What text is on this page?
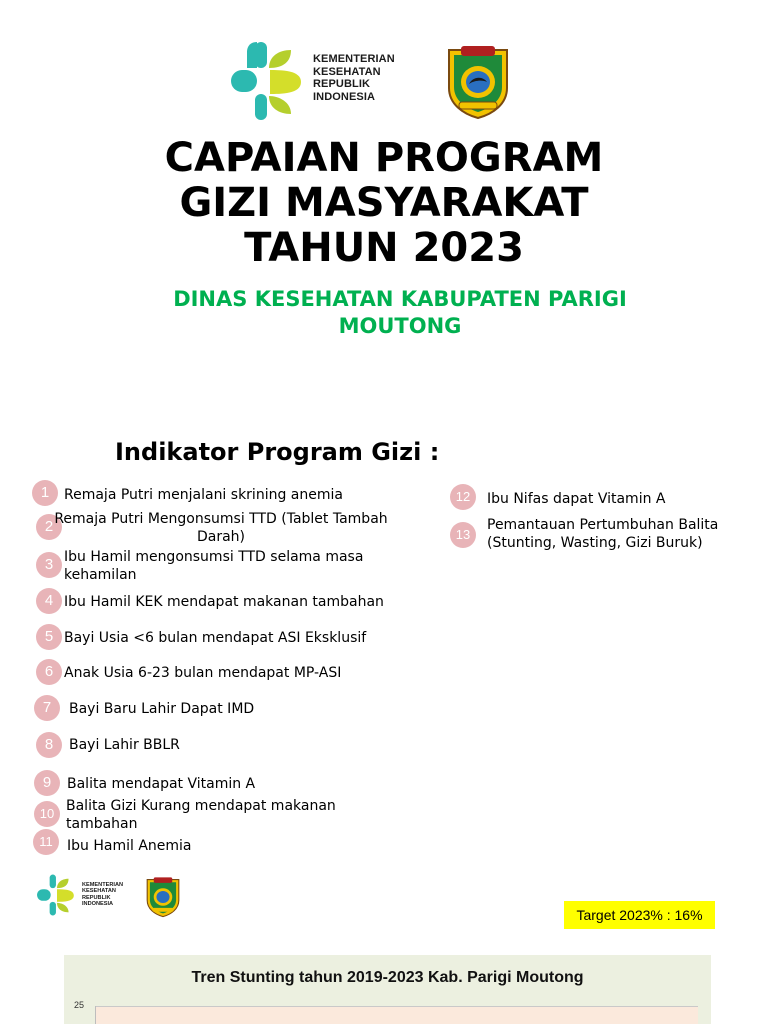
KEMENTERIAN
KESEHATAN
REPUBLIK
INDONESIA
CAPAIAN PROGRAM
GIZI MASYARAKAT
TAHUN 2023
DINAS KESEHATAN KABUPATEN PARIGI
MOUTONG
Indikator Program Gizi :
1	Remaja Putri menjalani skrining anemia
2 Remaja Putri Mengonsumsi TTD (Tablet Tambah Darah)
3 Ibu Hamil mengonsumsi TTD selama masa kehamilan
4 Ibu Hamil KEK mendapat makanan tambahan
5 Bayi Usia <6 bulan mendapat ASI Eksklusif
6 Anak Usia 6-23 bulan mendapat MP-ASI
7	Bayi Baru Lahir Dapat IMD
8	Bayi Lahir BBLR
9	Balita mendapat Vitamin A
10 Balita Gizi Kurang mendapat makanan tambahan
11	Ibu Hamil Anemia
12	Ibu Nifas dapat Vitamin A
13
Pemantauan Pertumbuhan Balita (Stunting, Wasting, Gizi Buruk)
KEMENTERIAN
KESEHATAN
REPUBLIK
INDONESIA
Target 2023% : 16%
Tren Stunting tahun 2019-2023 Kab. Parigi Moutong
25
